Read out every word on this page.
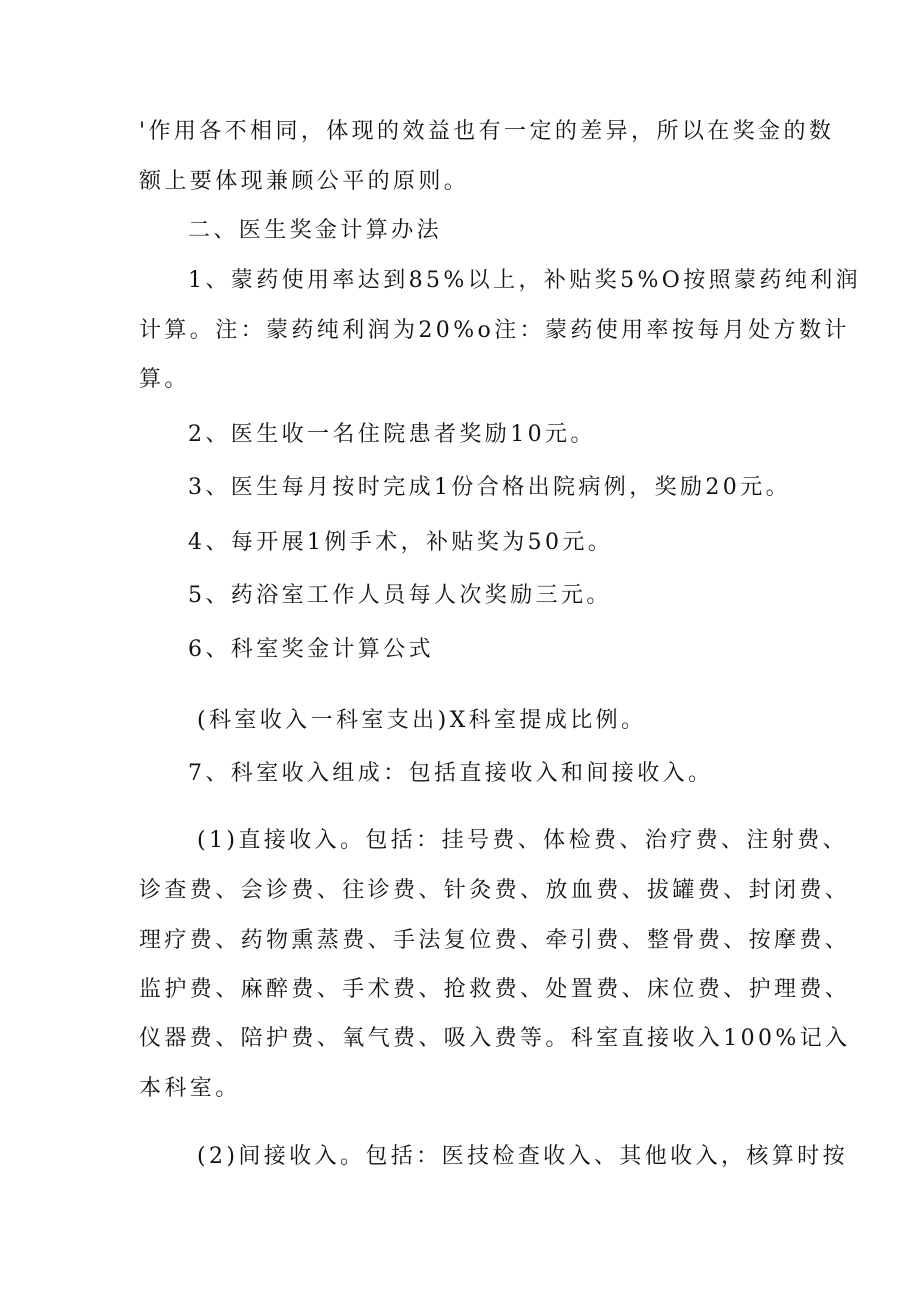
'作用各不相同，体现的效益也有一定的差异，所以在奖金的数
额上要体现兼顾公平的原则。
二、医生奖金计算办法
1、蒙药使用率达到85%以上，补贴奖5%O按照蒙药纯利润
计算。注：蒙药纯利润为20%o注：蒙药使用率按每月处方数计
算。
2、医生收一名住院患者奖励10元。
3、医生每月按时完成1份合格出院病例，奖励20元。
4、每开展1例手术，补贴奖为50元。
5、药浴室工作人员每人次奖励三元。
6、科室奖金计算公式
(科室收入一科室支出)X科室提成比例。
7、科室收入组成：包括直接收入和间接收入。
(1)直接收入。包括：挂号费、体检费、治疗费、注射费、
诊查费、会诊费、往诊费、针灸费、放血费、拔罐费、封闭费、
理疗费、药物熏蒸费、手法复位费、牵引费、整骨费、按摩费、
监护费、麻醉费、手术费、抢救费、处置费、床位费、护理费、
仪器费、陪护费、氧气费、吸入费等。科室直接收入100%记入
本科室。
(2)间接收入。包括：医技检查收入、其他收入，核算时按
